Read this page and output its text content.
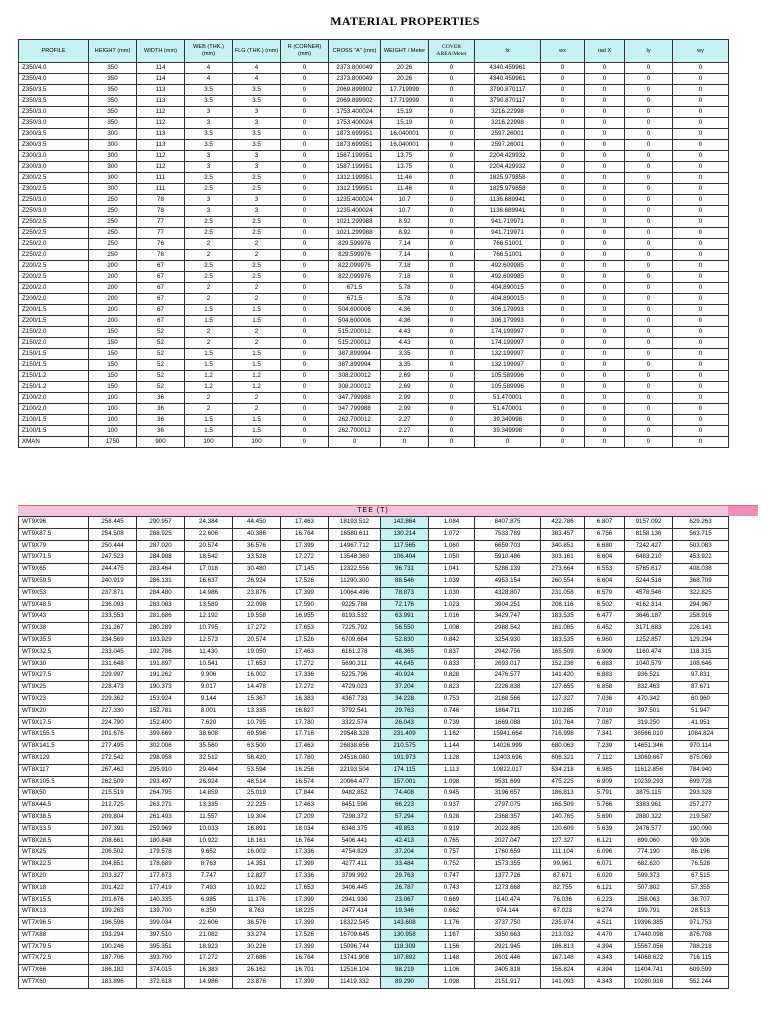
MATERIAL PROPERTIES
PROFILE	HEIGHT (mm)	WIDTH (mm)	WEB (THK.) (mm)	FLG (THK.) (mm)	R (CORNER) (mm)	CROSS "A" (mm)	WEIGHT / Meter	COVER AREA/Meter	Ix	wx	rad X	Iy	wy
Z350/4.0	350	114	4	4	0	2373.800049	20.26	0	4340.459961	0	0	0	0
Z350/4.0	350	114	4	4	0	2373.800049	20.26	0	4340.459961	0	0	0	0
Z350/3.5	350	113	3.5	3.5	0	2069.899902	17.719999	0	3790.870117	0	0	0	0
Z350/3.5	350	113	3.5	3.5	0	2069.899902	17.719999	0	3790.870117	0	0	0	0
Z350/3.0	350	112	3	3	0	1753.400024	15.19	0	3216.22998	0	0	0	0
Z350/3.0	350	112	3	3	0	1753.400024	15.19	0	3216.22998	0	0	0	0
Z300/3.5	300	113	3.5	3.5	0	1873.699951	16.040001	0	2597.26001	0	0	0	0
Z300/3.5	300	113	3.5	3.5	0	1873.699951	16.040001	0	2597.26001	0	0	0	0
Z300/3.0	300	112	3	3	0	1587.199951	13.75	0	2204.429932	0	0	0	0
Z300/3.0	300	112	3	3	0	1587.199951	13.75	0	2204.429932	0	0	0	0
Z300/2.5	300	111	2.5	2.5	0	1312.199951	11.46	0	1825.979858	0	0	0	0
Z300/2.5	300	111	2.5	2.5	0	1312.199951	11.46	0	1825.979858	0	0	0	0
Z250/3.0	250	78	3	3	0	1235.400024	10.7	0	1136.689941	0	0	0	0
Z250/3.0	250	78	3	3	0	1235.400024	10.7	0	1136.689941	0	0	0	0
Z250/2.5	250	77	2.5	2.5	0	1021.299988	8.92	0	941.719971	0	0	0	0
Z250/2.5	250	77	2.5	2.5	0	1021.299988	8.92	0	941.719971	0	0	0	0
Z250/2.0	250	76	2	2	0	829.599976	7.14	0	766.51001	0	0	0	0
Z250/2.0	250	76	2	2	0	829.599976	7.14	0	766.51001	0	0	0	0
Z200/2.5	200	67	2.5	2.5	0	822.099976	7.18	0	492.609985	0	0	0	0
Z200/2.5	200	67	2.5	2.5	0	822.099976	7.18	0	492.609985	0	0	0	0
Z200/2.0	200	67	2	2	0	671.5	5.78	0	404.890015	0	0	0	0
Z200/2.0	200	67	2	2	0	671.5	5.78	0	404.890015	0	0	0	0
Z200/1.5	200	67	1.5	1.5	0	504.600006	4.36	0	306.179993	0	0	0	0
Z200/1.5	200	67	1.5	1.5	0	504.600006	4.36	0	306.179993	0	0	0	0
Z150/2.0	150	52	2	2	0	515.200012	4.43	0	174.199997	0	0	0	0
Z150/2.0	150	52	2	2	0	515.200012	4.43	0	174.199997	0	0	0	0
Z150/1.5	150	52	1.5	1.5	0	387.899994	3.35	0	132.199997	0	0	0	0
Z150/1.5	150	52	1.5	1.5	0	387.899994	3.35	0	132.199997	0	0	0	0
Z150/1.2	150	52	1.2	1.2	0	308.200012	2.69	0	105.589996	0	0	0	0
Z150/1.2	150	52	1.2	1.2	0	308.200012	2.69	0	105.589996	0	0	0	0
Z100/2.0	100	36	2	2	0	347.799988	2.99	0	51.470001	0	0	0	0
Z100/2.0	100	36	2	2	0	347.799988	2.99	0	51.470001	0	0	0	0
Z100/1.5	100	36	1.5	1.5	0	262.700012	2.27	0	39.349998	0	0	0	0
Z100/1.5	100	36	1.5	1.5	0	262.700012	2.27	0	39.349998	0	0	0	0
XMAN	1750	900	100	100	0	0	0	0	0	0	0	0	0
TEE (T)
WT9X96	258.445	290.957	24.384	44.450	17.463	18193.512	142.864	1.084	8407.875	422.786	6.807	9157.092	629.263
WT9X87.5	254.508	288.925	22.606	40.386	16.764	16580.611	130.214	1.072	7533.789	383.457	6.756	8158.136	563.715
WT9X79	250.444	287.020	20.574	36.576	17.399	14967.712	117.565	1.060	6659.703	340.851	6.680	7242.427	503.083
WT9X71.5	247.523	284.988	18.542	33.528	17.272	13548.360	106.404	1.050	5910.486	303.161	6.604	6483.210	453.922
WT9X65	244.475	283.464	17.018	30.480	17.145	12322.556	96.731	1.041	5286.139	273.664	6.553	5785.617	408.038
WT9X59.5	240.919	286.131	16.637	26.924	17.526	11290.300	88.546	1.039	4953.154	260.554	6.604	5244.516	368.709
WT9X53	237.871	284.480	14.986	23.876	17.399	10064.496	78.873	1.030	4328.807	231.058	6.579	4578.546	322.825
WT9X48.5	236.093	283.083	13.589	22.098	17.590	9225.788	72.176	1.023	3904.251	208.116	6.502	4162.314	294.967
WT9X43	233.553	281.686	12.192	19.558	16.955	8193.532	63.991	1.016	3429.747	183.535	6.477	3646.187	258.916
WT9X38	231.267	280.289	10.795	17.272	17.653	7225.792	56.550	1.008	2988.542	161.085	6.452	3171.683	226.141
WT9X35.5	234.569	193.929	12.573	20.574	17.526	6709.664	52.830	0.842	3254.930	183.535	6.960	1252.857	129.294
WT9X32.5	233.045	192.786	11.430	19.050	17.463	6161.278	48.365	0.837	2942.756	165.509	6.909	1160.474	118.315
WT9X30	231.648	191.897	10.541	17.653	17.272	5690.311	44.645	0.833	2693.017	152.236	6.883	1040.579	108.646
WT9X27.5	229.997	191.262	9.906	16.002	17.336	5225.796	40.924	0.828	2476.577	141.420	6.883	936.521	97.831
WT9X25	228.473	190.373	9.017	14.478	17.272	4729.023	37.204	0.823	2226.838	127.655	6.858	832.463	87.671
WT9X23	229.362	153.924	9.144	15.367	16.383	4367.733	34.228	0.753	2168.566	127.327	7.036	470.342	60.960
WT9X20	227.330	152.781	8.001	13.335	16.827	3792.541	29.763	0.746	1864.711	110.285	7.010	397.501	51.947
WT9X17.5	224.790	152.400	7.620	10.795	17.780	3322.574	26.043	0.739	1669.088	101.764	7.087	319.250	41.951
WT8X155.5	201.676	399.669	38.608	69.596	17.716	29548.328	231.409	1.162	15941.664	716.998	7.341	36566.010	1084.824
WT8X141.5	277.495	302.006	35.560	63.500	17.463	26838.656	210.575	1.144	14026.999	680.063	7.239	14651.346	970.114
WT8X129	272.542	298.958	32.512	58.420	17.780	24516.080	191.973	1.128	12403.696	606.321	7.112	13069.667	875.069
WT8X117	267.462	295.910	29.464	53.594	16.256	22193.504	174.115	1.113	10822.017	534.218	6.985	11612.856	784.940
WT8X105.5	262.509	293.497	26.924	48.514	16.574	20064.477	157.001	1.098	9531.699	475.225	6.909	10239.293	699.728
WT8X50	215.519	264.795	14.859	25.019	17.844	9482.852	74.408	0.945	3196.657	186.813	5.791	3875.115	293.328
WT8X44.5	212.725	263.271	13.335	22.225	17.463	8451.596	66.223	0.937	2797.075	165.509	5.766	3383.961	257.277
WT8X38.5	209.804	261.493	11.557	19.304	17.209	7298.372	57.294	0.928	2368.357	140.765	5.690	2880.322	219.587
WT8X33.5	207.391	259.969	10.033	16.891	18.034	6348.375	49.853	0.919	2022.885	120.609	5.639	2476.577	190.090
WT8X28.5	208.661	180.848	10.922	18.161	16.764	5406.441	42.413	0.765	2027.047	127.327	6.121	899.060	99.306
WT8X25	206.502	179.578	9.652	16.002	17.336	4754.829	37.204	0.757	1760.659	111.104	6.096	774.190	86.196
WT8X22.5	204.851	178.689	8.763	14.351	17.399	4277.411	33.484	0.752	1573.355	99.961	6.071	682.620	76.528
WT8X20	203.327	177.673	7.747	12.827	17.336	3799.992	29.763	0.747	1377.726	87.671	6.020	599.373	67.515
WT8X18	201.422	177.419	7.493	10.922	17.653	3406.445	26.787	0.743	1273.668	82.755	6.121	507.802	57.355
WT8X15.5	201.676	140.335	6.985	11.176	17.399	2941.930	23.067	0.669	1140.474	76.036	6.223	258.063	36.707
WT8X13	199.263	139.700	6.350	8.763	18.225	2477.414	19.346	0.662	974.144	67.023	6.274	199.791	28.513
WT7X96.5	196.596	399.034	22.606	36.576	17.399	18322.545	143.608	1.176	3737.750	235.974	4.521	19396.385	971.753
WT7X88	193.294	397.510	21.082	33.274	17.526	16709.645	130.958	1.167	3350.663	213.032	4.470	17440.098	876.708
WT7X79.5	190.246	395.351	18.923	30.226	17.399	15096.744	118.309	1.156	2921.945	186.813	4.394	15567.056	788.218
WT7X72.5	187.706	393.700	17.272	27.686	16.764	13741.908	107.892	1.148	2601.446	167.148	4.343	14068.622	716.115
WT7X66	186.182	374.015	16.383	26.162	16.701	12516.104	98.219	1.106	2405.818	156.824	4.394	11404.741	609.599
WT7X60	183.896	372.618	14.986	23.876	17.399	11419.332	89.290	1.098	2151.917	141.093	4.343	10280.916	552.244
